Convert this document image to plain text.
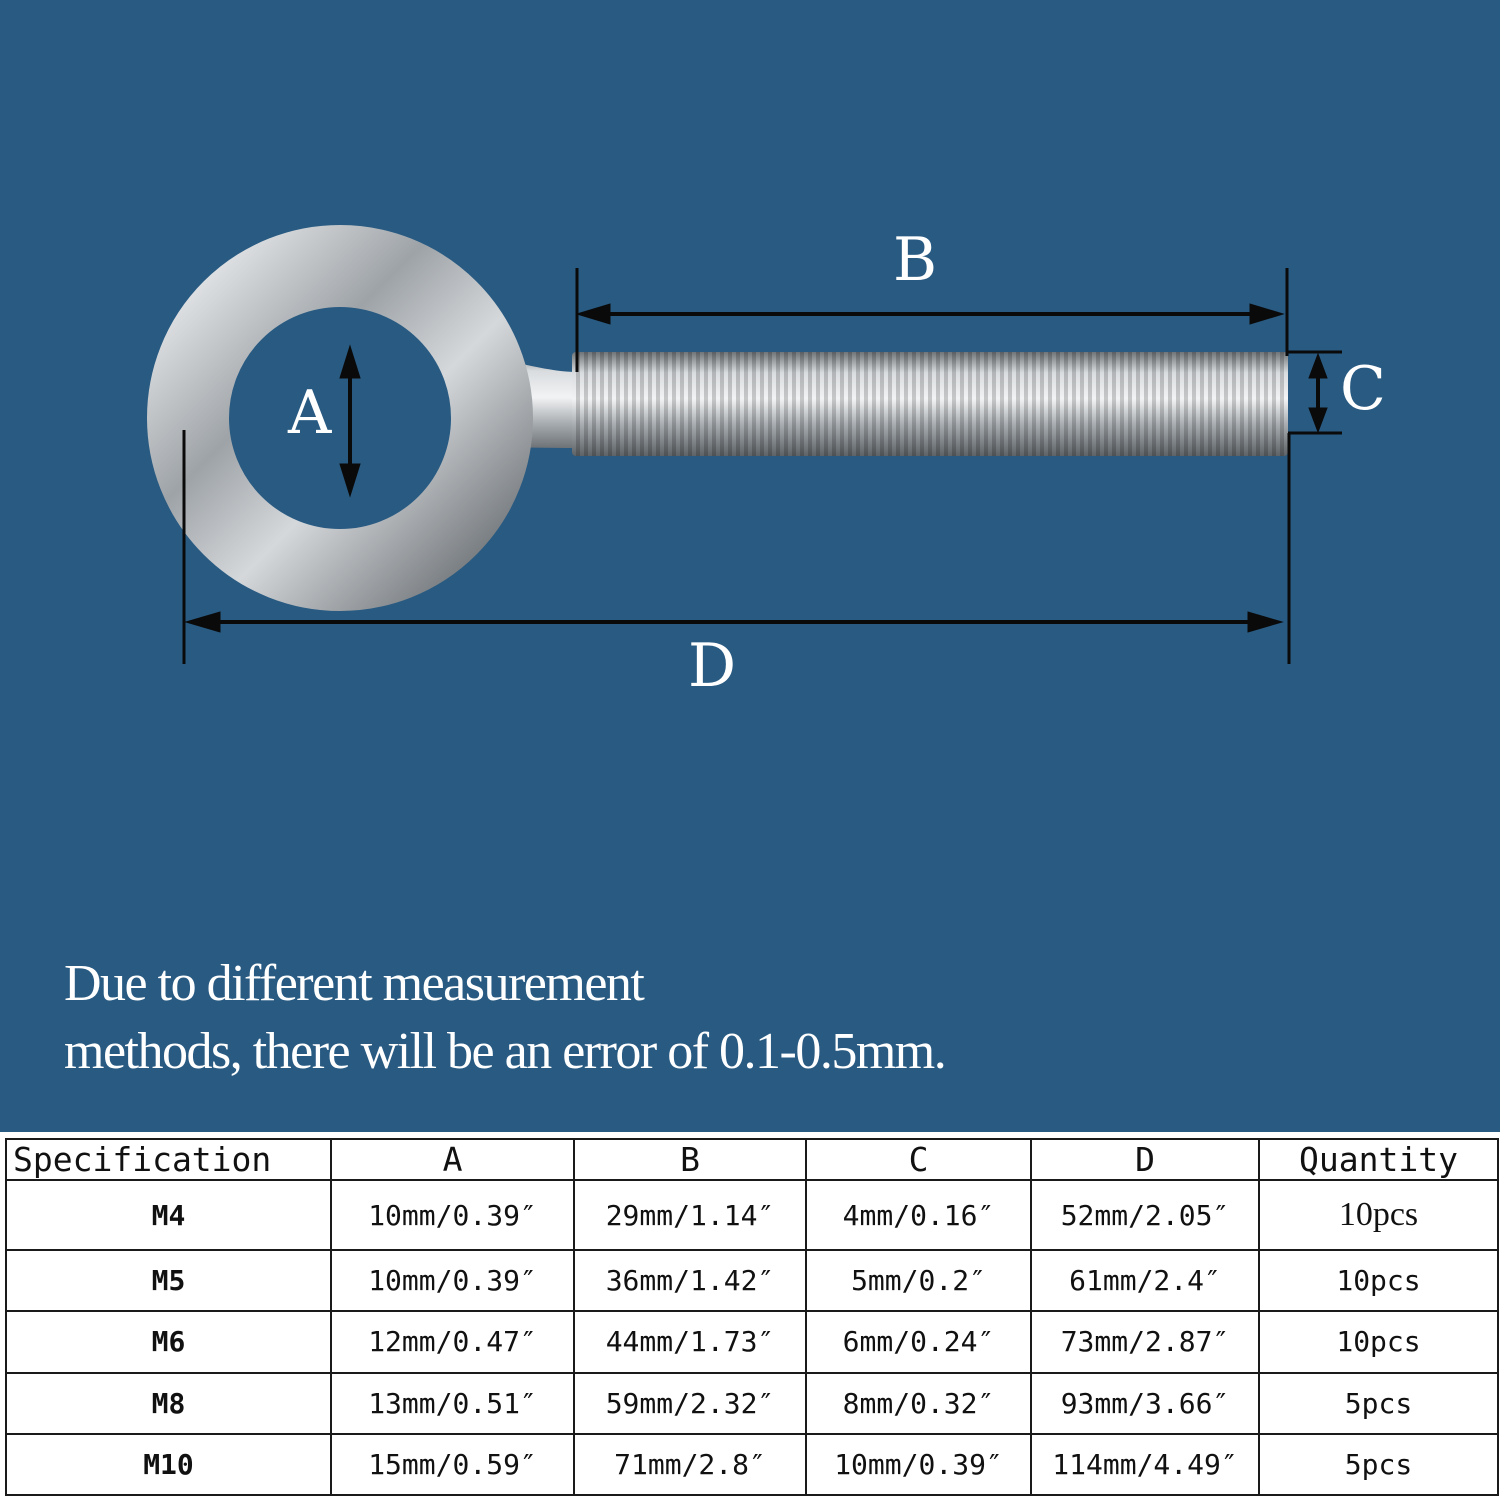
A
B
C
D
Due to different measurement
methods, there will be an error of 0.1-0.5mm.
Specification	A	B	C	D	Quantity
M4	10mm/0.39″	29mm/1.14″	4mm/0.16″	52mm/2.05″	10pcs
M5	10mm/0.39″	36mm/1.42″	5mm/0.2″	61mm/2.4″	10pcs
M6	12mm/0.47″	44mm/1.73″	6mm/0.24″	73mm/2.87″	10pcs
M8	13mm/0.51″	59mm/2.32″	8mm/0.32″	93mm/3.66″	5pcs
M10	15mm/0.59″	71mm/2.8″	10mm/0.39″	114mm/4.49″	5pcs
